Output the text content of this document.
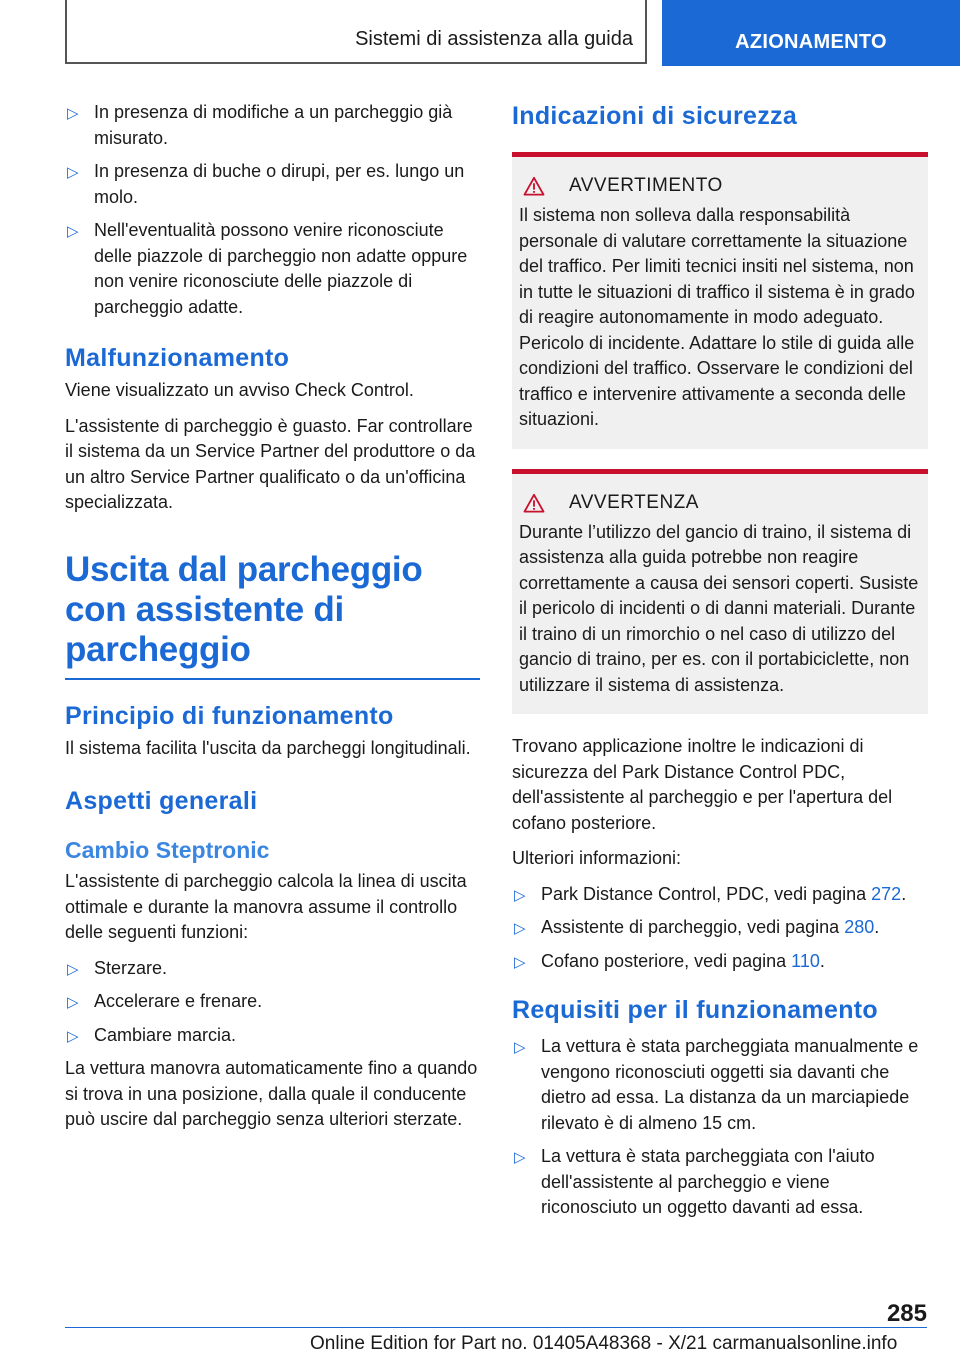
Sistemi di assistenza alla guida	AZIONAMENTO
▷ In presenza di modifiche a un parcheggio già misurato.
▷ In presenza di buche o dirupi, per es. lungo un molo.
▷ Nell'eventualità possono venire riconosciute delle piazzole di parcheggio non adatte oppure non venire riconosciute delle piazzole di parcheggio adatte.
Malfunzionamento

Viene visualizzato un avviso Check Control.

L'assistente di parcheggio è guasto. Far controllare il sistema da un Service Partner del produttore o da un altro Service Partner qualificato o da un'officina specializzata.

Uscita dal parcheggio con assistente di parcheggio
Principio di funzionamento

Il sistema facilita l'uscita da parcheggi longitudinali.

Aspetti generali
Cambio Steptronic

L'assistente di parcheggio calcola la linea di uscita ottimale e durante la manovra assume il controllo delle seguenti funzioni:

▷ Sterzare.
▷ Accelerare e frenare.
▷ Cambiare marcia.

La vettura manovra automaticamente fino a quando si trova in una posizione, dalla quale il conducente può uscire dal parcheggio senza ulteriori sterzate.

Indicazioni di sicurezza
AVVERTIMENTO

Il sistema non solleva dalla responsabilità personale di valutare correttamente la situazione del traffico. Per limiti tecnici insiti nel sistema, non in tutte le situazioni di traffico il sistema è in grado di reagire autonomamente in modo adeguato. Pericolo di incidente. Adattare lo stile di guida alle condizioni del traffico. Osservare le condizioni del traffico e intervenire attivamente a seconda delle situazioni.

AVVERTENZA

Durante l’utilizzo del gancio di traino, il sistema di assistenza alla guida potrebbe non reagire correttamente a causa dei sensori coperti. Susiste il pericolo di incidenti o di danni materiali. Durante il traino di un rimorchio o nel caso di utilizzo del gancio di traino, per es. con il portabiciclette, non utilizzare il sistema di assistenza.

Trovano applicazione inoltre le indicazioni di sicurezza del Park Distance Control PDC, dell'assistente al parcheggio e per l'apertura del cofano posteriore.

Ulteriori informazioni:

▷ Park Distance Control, PDC, vedi pagina 272.
▷ Assistente di parcheggio, vedi pagina 280.
▷ Cofano posteriore, vedi pagina 110.
Requisiti per il funzionamento
▷ La vettura è stata parcheggiata manualmente e vengono riconosciuti oggetti sia davanti che dietro ad essa. La distanza da un marciapiede rilevato è di almeno 15 cm.
▷ La vettura è stata parcheggiata con l'aiuto dell'assistente al parcheggio e viene riconosciuto un oggetto davanti ad essa.
285
Online Edition for Part no. 01405A48368 - X/21 carmanualsonline.info
